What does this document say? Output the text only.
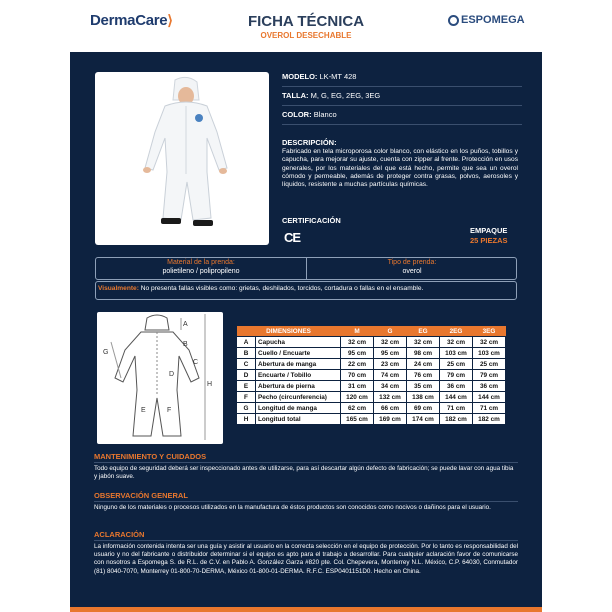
DermaCare⟩	FICHA TÉCNICA
OVEROL DESECHABLE
ESPOMEGA
MODELO: LK-MT 428
TALLA: M, G, EG, 2EG, 3EG
COLOR: Blanco
DESCRIPCIÓN:
Fabricado en tela microporosa color blanco, con elástico en los puños, tobillos y capucha, para mejorar su ajuste, cuenta con zipper al frente. Protección en usos generales, por los materiales del que está hecho, permite que sea un overol cómodo y permeable, además de proteger contra grasas, polvos, aerosoles y líquidos, resistente a muchas partículas químicas.
CERTIFICACIÓN
CE	EMPAQUE
25 PIEZAS
Material de la prenda:
polietileno / polipropileno
Tipo de prenda:
overol
Visualmente: No presenta fallas visibles como: grietas, deshilados, torcidos, cortadura o fallas en el ensamble.
A
B
C
D
E	F
G
H
DIMENSIONES		M	G	EG	2EG	3EG
A	Capucha	32 cm	32 cm	32 cm	32 cm	32 cm
B	Cuello / Encuarte	95 cm	95 cm	98 cm	103 cm	103 cm
C	Abertura de manga	22 cm	23 cm	24 cm	25 cm	25 cm
D	Encuarte / Tobillo	70 cm	74 cm	76 cm	79 cm	79 cm
E	Abertura de pierna	31 cm	34 cm	35 cm	36 cm	36 cm
F	Pecho (circunferencia)	120 cm	132 cm	138 cm	144 cm	144 cm
G	Longitud de manga	62 cm	66 cm	69 cm	71 cm	71 cm
H	Longitud total	165 cm	169 cm	174 cm	182 cm	182 cm
MANTENIMIENTO Y CUIDADOS
Todo equipo de seguridad deberá ser inspeccionado antes de utilizarse, para así descartar algún defecto de fabricación; se puede lavar con agua tibia y jabón suave.
OBSERVACIÓN GENERAL
Ninguno de los materiales o procesos utilizados en la manufactura de éstos productos son conocidos como nocivos o dañinos para el usuario.
ACLARACIÓN
La información contenida intenta ser una guía y asistir al usuario en la correcta selección en el equipo de protección. Por lo tanto es responsabilidad del usuario y no del fabricante o distribuidor determinar si el equipo es apto para el trabajo a desarrollar. Para cualquier aclaración favor de comunicarse con nosotros a Espomega S. de R.L. de C.V. en Pablo A. González Garza #820 pte. Col. Chepevera, Monterrey N.L. México, C.P. 64030, Conmutador (81) 8040-7070, Monterrey 01-800-70-DERMA, México 01-800-01-DERMA. R.F.C. ESP0401151D0. Hecho en China.
